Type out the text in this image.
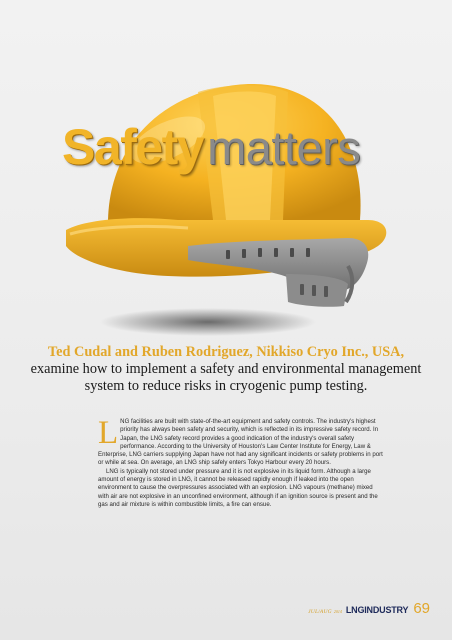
Safetymatters

Ted Cudal and Ruben Rodriguez, Nikkiso Cryo Inc., USA, examine how to implement a safety and environmental management system to reduce risks in cryogenic pump testing.

LNG facilities are built with state-of-the-art equipment and safety controls. The industry's highest priority has always been safety and security, which is reflected in its impressive safety record. In Japan, the LNG safety record provides a good indication of the industry's overall safety performance. According to the University of Houston's Law Center Institute for Energy, Law & Enterprise, LNG carriers supplying Japan have not had any significant incidents or safety problems in port or while at sea. On average, an LNG ship safely enters Tokyo Harbour every 20 hours.

LNG is typically not stored under pressure and it is not explosive in its liquid form. Although a large amount of energy is stored in LNG, it cannot be released rapidly enough if leaked into the open environment to cause the overpressures associated with an explosion. LNG vapours (methane) mixed with air are not explosive in an unconfined environment, although if an ignition source is present and the gas and air mixture is within combustible limits, a fire can ensue.

JUL/AUG 2014 LNGINDUSTRY 69
